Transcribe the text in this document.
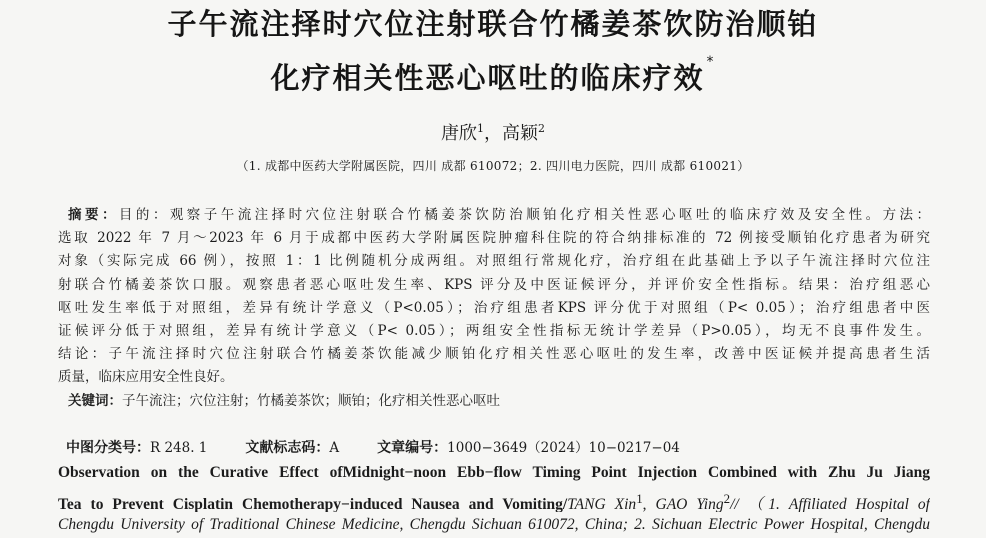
子午流注择时穴位注射联合竹橘姜茶饮防治顺铂
化疗相关性恶心呕吐的临床疗效 *
唐欣$^1$，高颖$^2$
（1. 成都中医药大学附属医院，四川 成都 610072；2. 四川电力医院，四川 成都 610021）
摘要：目的：观察子午流注择时穴位注射联合竹橘姜茶饮防治顺铂化疗相关性恶心呕吐的临床疗效及安全性。方法：
选取 2022 年 7 月～2023 年 6 月于成都中医药大学附属医院肿瘤科住院的符合纳排标准的 72 例接受顺铂化疗患者为研究
对象（实际完成 66 例），按照 1：1 比例随机分成两组。对照组行常规化疗，治疗组在此基础上予以子午流注择时穴位注
射联合竹橘姜茶饮口服。观察患者恶心呕吐发生率、KPS 评分及中医证候评分，并评价安全性指标。结果：治疗组恶心
呕吐发生率低于对照组，差异有统计学意义（P<0.05）；治疗组患者KPS 评分优于对照组（P< 0.05）；治疗组患者中医
证候评分低于对照组，差异有统计学意义（P< 0.05）；两组安全性指标无统计学差异（P>0.05），均无不良事件发生。
结论：子午流注择时穴位注射联合竹橘姜茶饮能减少顺铂化疗相关性恶心呕吐的发生率，改善中医证候并提高患者生活
质量，临床应用安全性良好。
关键词：子午流注；穴位注射；竹橘姜茶饮；顺铂；化疗相关性恶心呕吐
中图分类号：R 248. 1	文献标志码：A	文章编号：1000−3649（2024）10−0217−04
Observation on the Curative Effect ofMidnight−noon Ebb−flow Timing Point Injection Combined with Zhu Ju Jiang
Tea to Prevent Cisplatin Chemotherapy−induced Nausea and Vomiting/TANG Xin$^1$, GAO Ying$^2$// （1. Affiliated Hospital of
Chengdu University of Traditional Chinese Medicine, Chengdu Sichuan 610072, China; 2. Sichuan Electric Power Hospital, Chengdu
